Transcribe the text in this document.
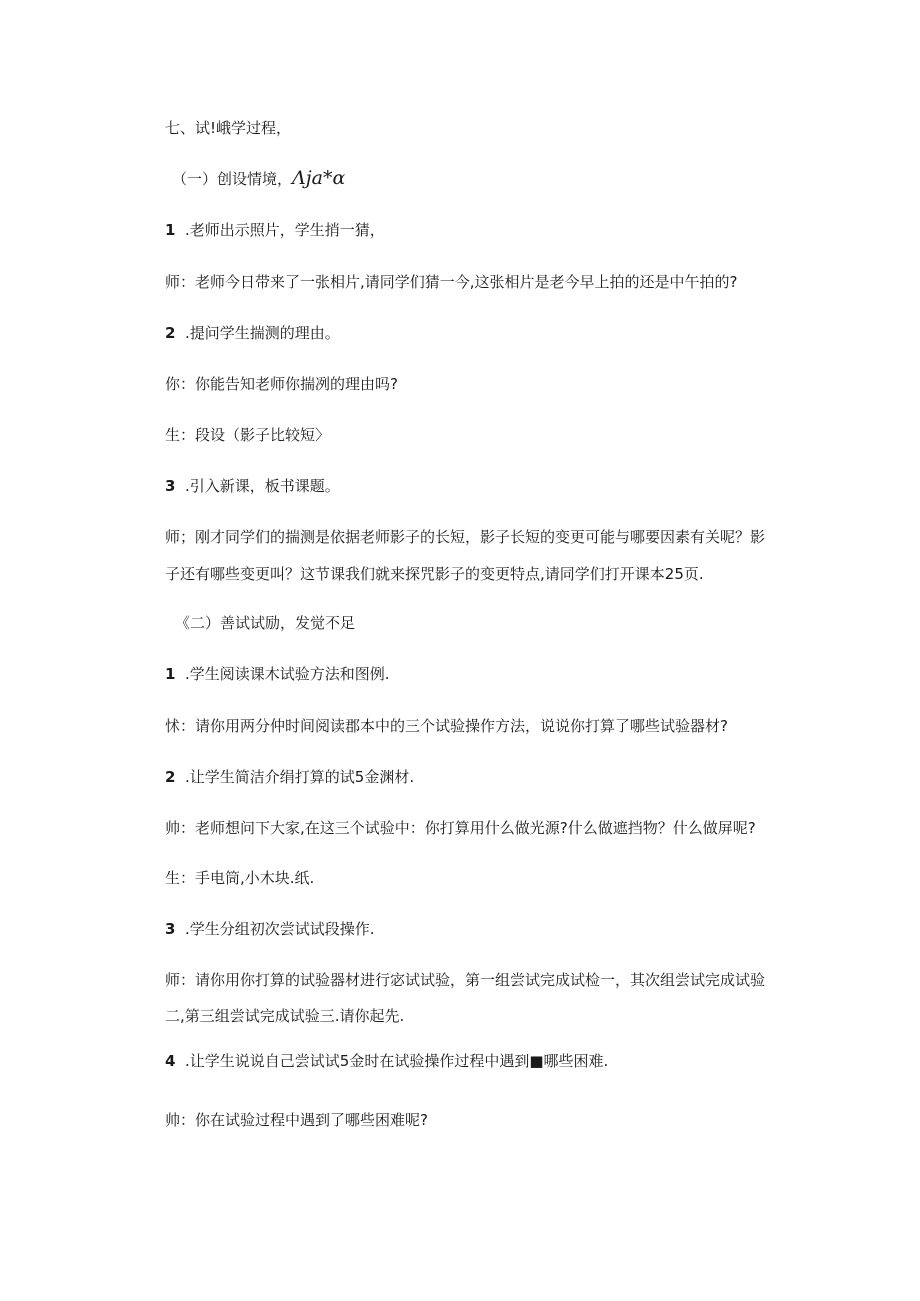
七、试!峨学过程，

（一）创设情境，Λja*α

1 .老师出示照片，学生捎一猜，

师：老师今日带来了一张相片,请同学们猜一今,这张相片是老今早上拍的还是中午拍的?

2 .提问学生揣测的理由。

你：你能告知老师你揣冽的理由吗?

生：段设（影子比较短〉

3 .引入新课，板书课题。

师；刚才同学们的揣测是依据老师影子的长短，影子长短的变更可能与哪要因素有关呢？影

子还有哪些变更叫？这节课我们就来探咒影子的变更特点,请同学们打开课本25页.

《二）善试试励，发觉不足

1 .学生阅读课木试验方法和图例.

怵：请你用两分仲时间阅读郡本中的三个试验操作方法，说说你打算了哪些试验器材?

2 .让学生简洁介绢打算的试5金渊材.

帅：老师想问下大家,在这三个试验中：你打算用什么做光源?什么做遮挡物？什么做屏呢?

生：手电筒,小木块.纸.

3 .学生分组初次尝试试段操作.

师：请你用你打算的试验器材进行宓试试验，第一组尝试完成试检一，其次组尝试完成试验

二,第三组尝试完成试验三.请你起先.

4 .让学生说说自己尝试试5金时在试验操作过程中遇到■哪些困难.

帅：你在试验过程中遇到了哪些困难呢?
